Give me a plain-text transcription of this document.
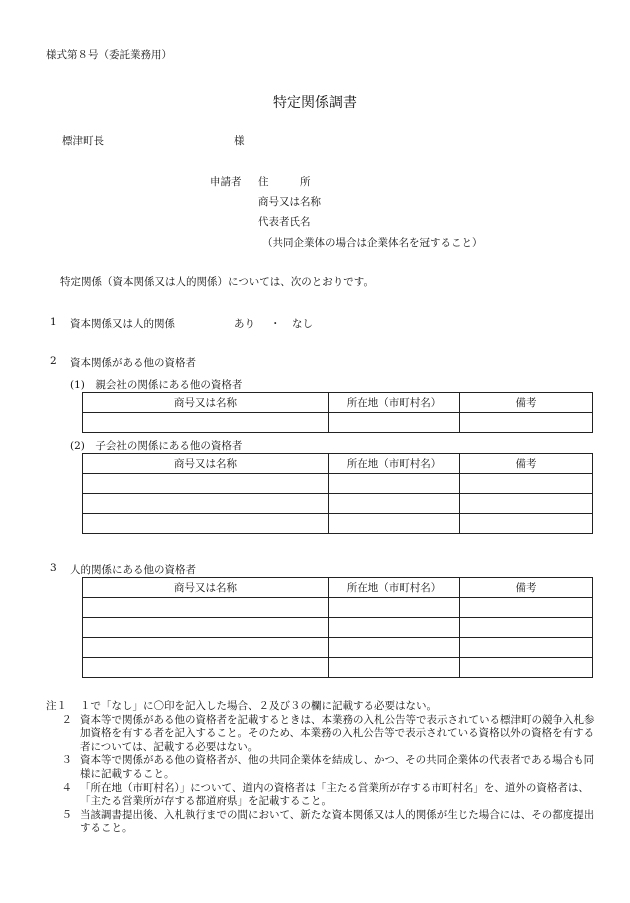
様式第８号（委託業務用）
特定関係調書
標津町長	様
申請者 住　　　所
商号又は名称
代表者氏名
（共同企業体の場合は企業体名を冠すること）
特定関係（資本関係又は人的関係）については、次のとおりです。
1 資本関係又は人的関係	あり ・ なし
2 資本関係がある他の資格者
(1)　親会社の関係にある他の資格者
商号又は名称	所在地（市町村名）	備考

(2)　子会社の関係にある他の資格者
商号又は名称	所在地（市町村名）	備考

3 人的関係にある他の資格者
商号又は名称	所在地（市町村名）	備考

注１	１で「なし」に〇印を記入した場合、２及び３の欄に記載する必要はない。
２ 資本等で関係がある他の資格者を記載するときは、本業務の入札公告等で表示されている標津町の競争入札参加資格を有する者を記入すること。そのため、本業務の入札公告等で表示されている資格以外の資格を有する者については、記載する必要はない。
３ 資本等で関係がある他の資格者が、他の共同企業体を結成し、かつ、その共同企業体の代表者である場合も同様に記載すること。
４ 「所在地（市町村名）」について、道内の資格者は「主たる営業所が存する市町村名」を、道外の資格者は、「主たる営業所が存する都道府県」を記載すること。
５ 当該調書提出後、入札執行までの間において、新たな資本関係又は人的関係が生じた場合には、その都度提出すること。
